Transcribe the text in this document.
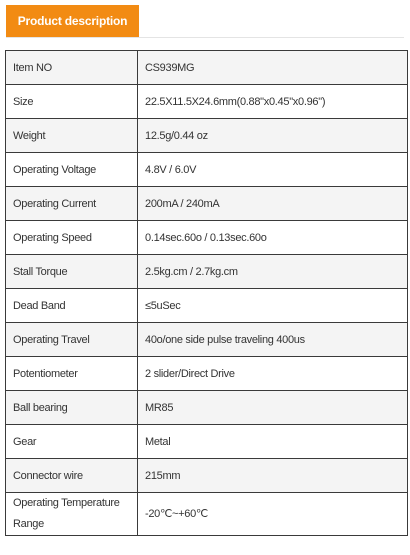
Product description
Item NO	CS939MG
Size	22.5X11.5X24.6mm(0.88"x0.45"x0.96")
Weight	12.5g/0.44 oz
Operating Voltage	4.8V / 6.0V
Operating Current	200mA / 240mA
Operating Speed	0.14sec.60o / 0.13sec.60o
Stall Torque	2.5kg.cm / 2.7kg.cm
Dead Band	≤5uSec
Operating Travel	40o/one side pulse traveling 400us
Potentiometer	2 slider/Direct Drive
Ball bearing	MR85
Gear	Metal
Connector wire	215mm
Operating Temperature Range	-20℃~+60℃
